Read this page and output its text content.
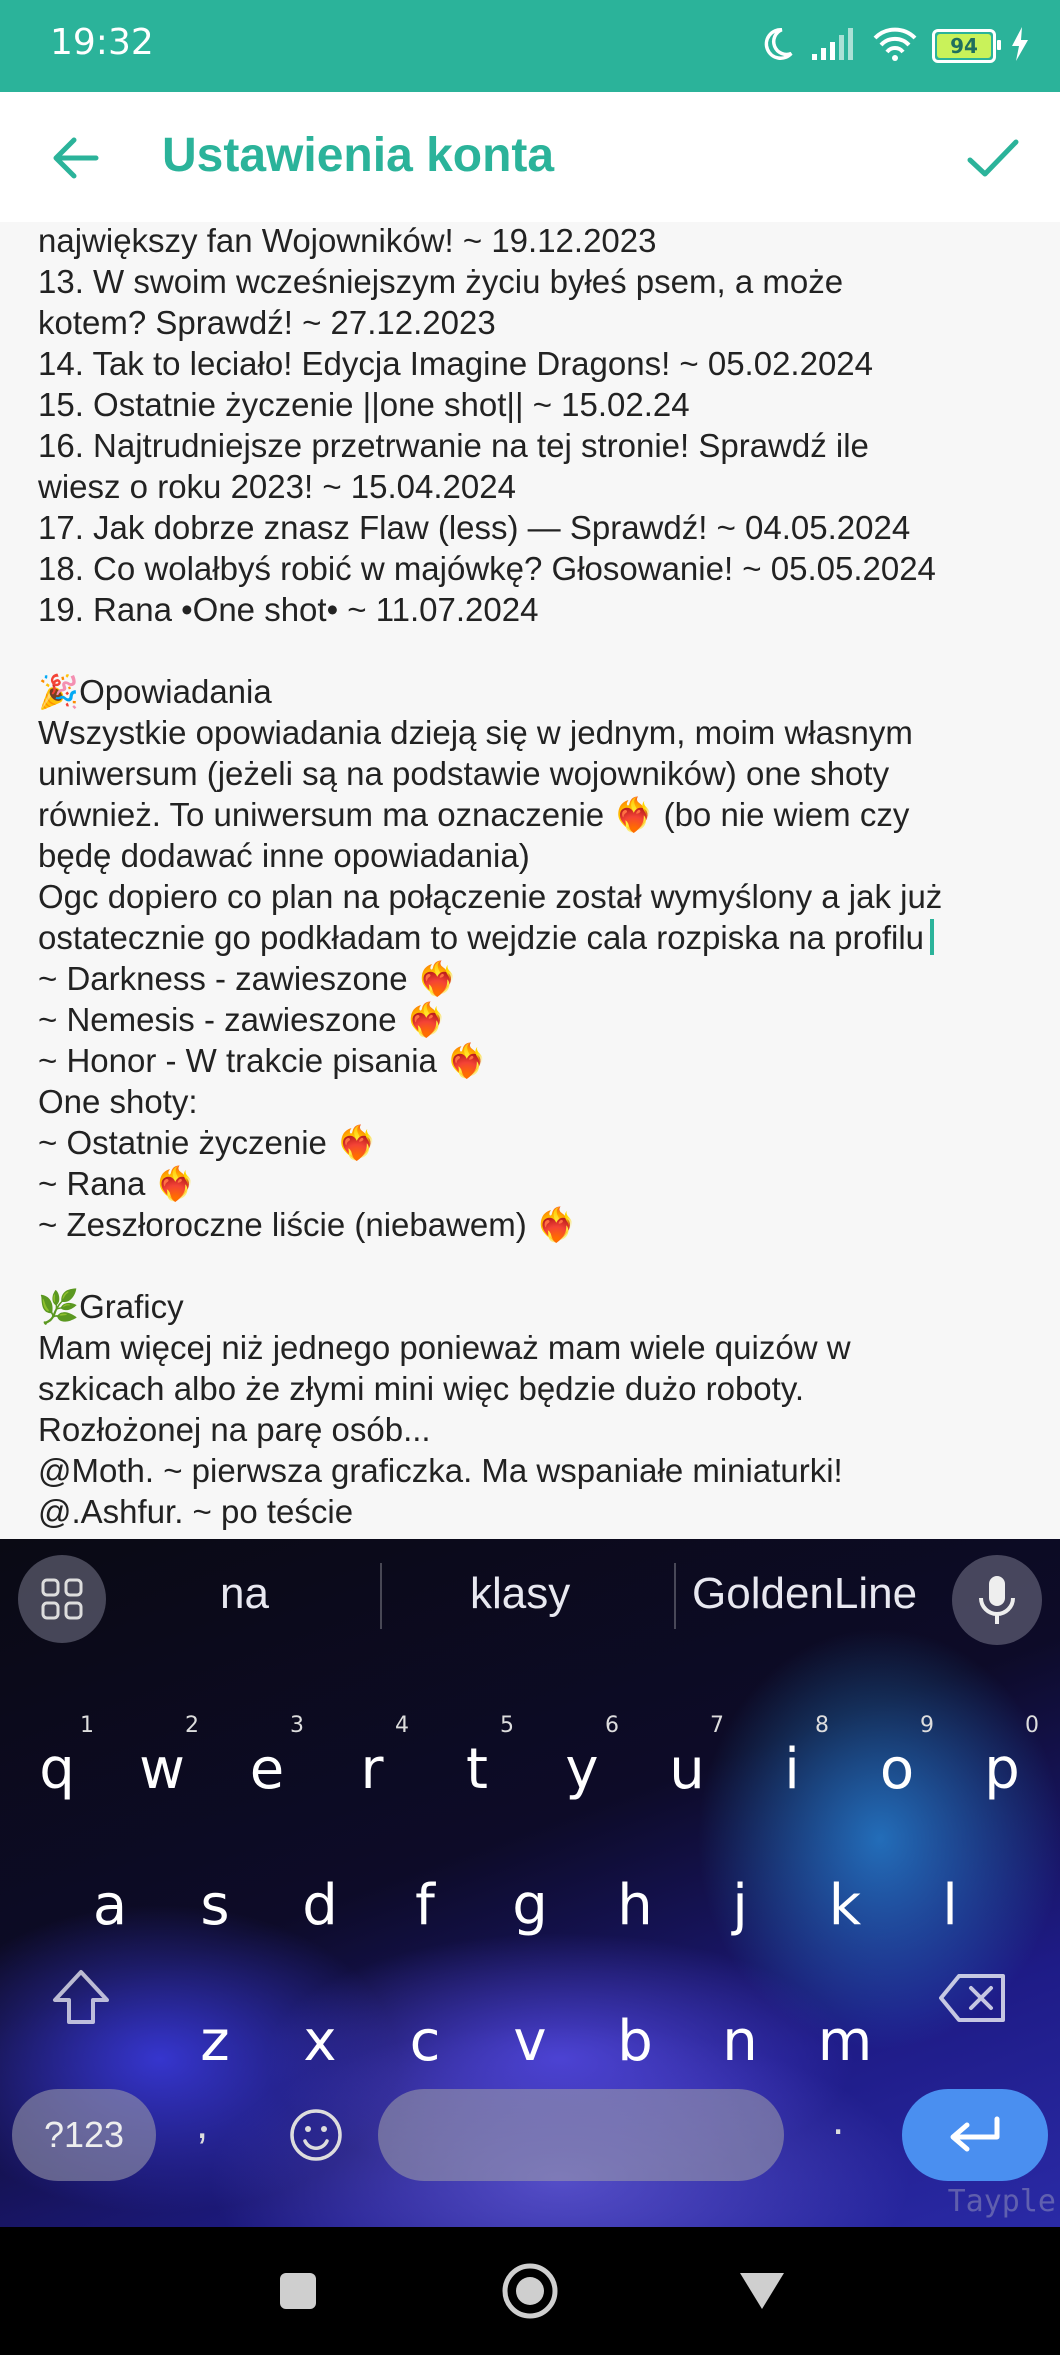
19:32	94
Ustawienia konta
największy fan Wojowników! ~ 19.12.2023
13. W swoim wcześniejszym życiu byłeś psem, a może
kotem? Sprawdź! ~ 27.12.2023
14. Tak to leciało! Edycja Imagine Dragons! ~ 05.02.2024
15. Ostatnie życzenie ||one shot|| ~ 15.02.24
16. Najtrudniejsze przetrwanie na tej stronie! Sprawdź ile
wiesz o roku 2023! ~ 15.04.2024
17. Jak dobrze znasz Flaw (less) — Sprawdź! ~ 04.05.2024
18. Co wolałbyś robić w majówkę? Głosowanie! ~ 05.05.2024
19. Rana •One shot• ~ 11.07.2024
🎉Opowiadania
Wszystkie opowiadania dzieją się w jednym, moim własnym
uniwersum (jeżeli są na podstawie wojowników) one shoty
również. To uniwersum ma oznaczenie ❤️‍🔥 (bo nie wiem czy
będę dodawać inne opowiadania)
Ogc dopiero co plan na połączenie został wymyślony a jak już
ostatecznie go podkładam to wejdzie cala rozpiska na profilu
~ Darkness - zawieszone ❤️‍🔥
~ Nemesis - zawieszone ❤️‍🔥
~ Honor - W trakcie pisania ❤️‍🔥
One shoty:
~ Ostatnie życzenie ❤️‍🔥
~ Rana ❤️‍🔥
~ Zeszłoroczne liście (niebawem) ❤️‍🔥
🌿Graficy
Mam więcej niż jednego ponieważ mam wiele quizów w
szkicach albo że złymi mini więc będzie dużo roboty.
Rozłożonej na parę osób...
@Moth. ~ pierwsza graficzka. Ma wspaniałe miniaturki!
@.Ashfur. ~ po teście
na	klasy	GoldenLine
q
1
w
2
e
3
r
4
t
5
y
6
u
7
i
8
o
9
p
0
a	s	d	f	g	h	j	k	l
z	x	c	v	b	n	m
?123	,	.
Tayple
